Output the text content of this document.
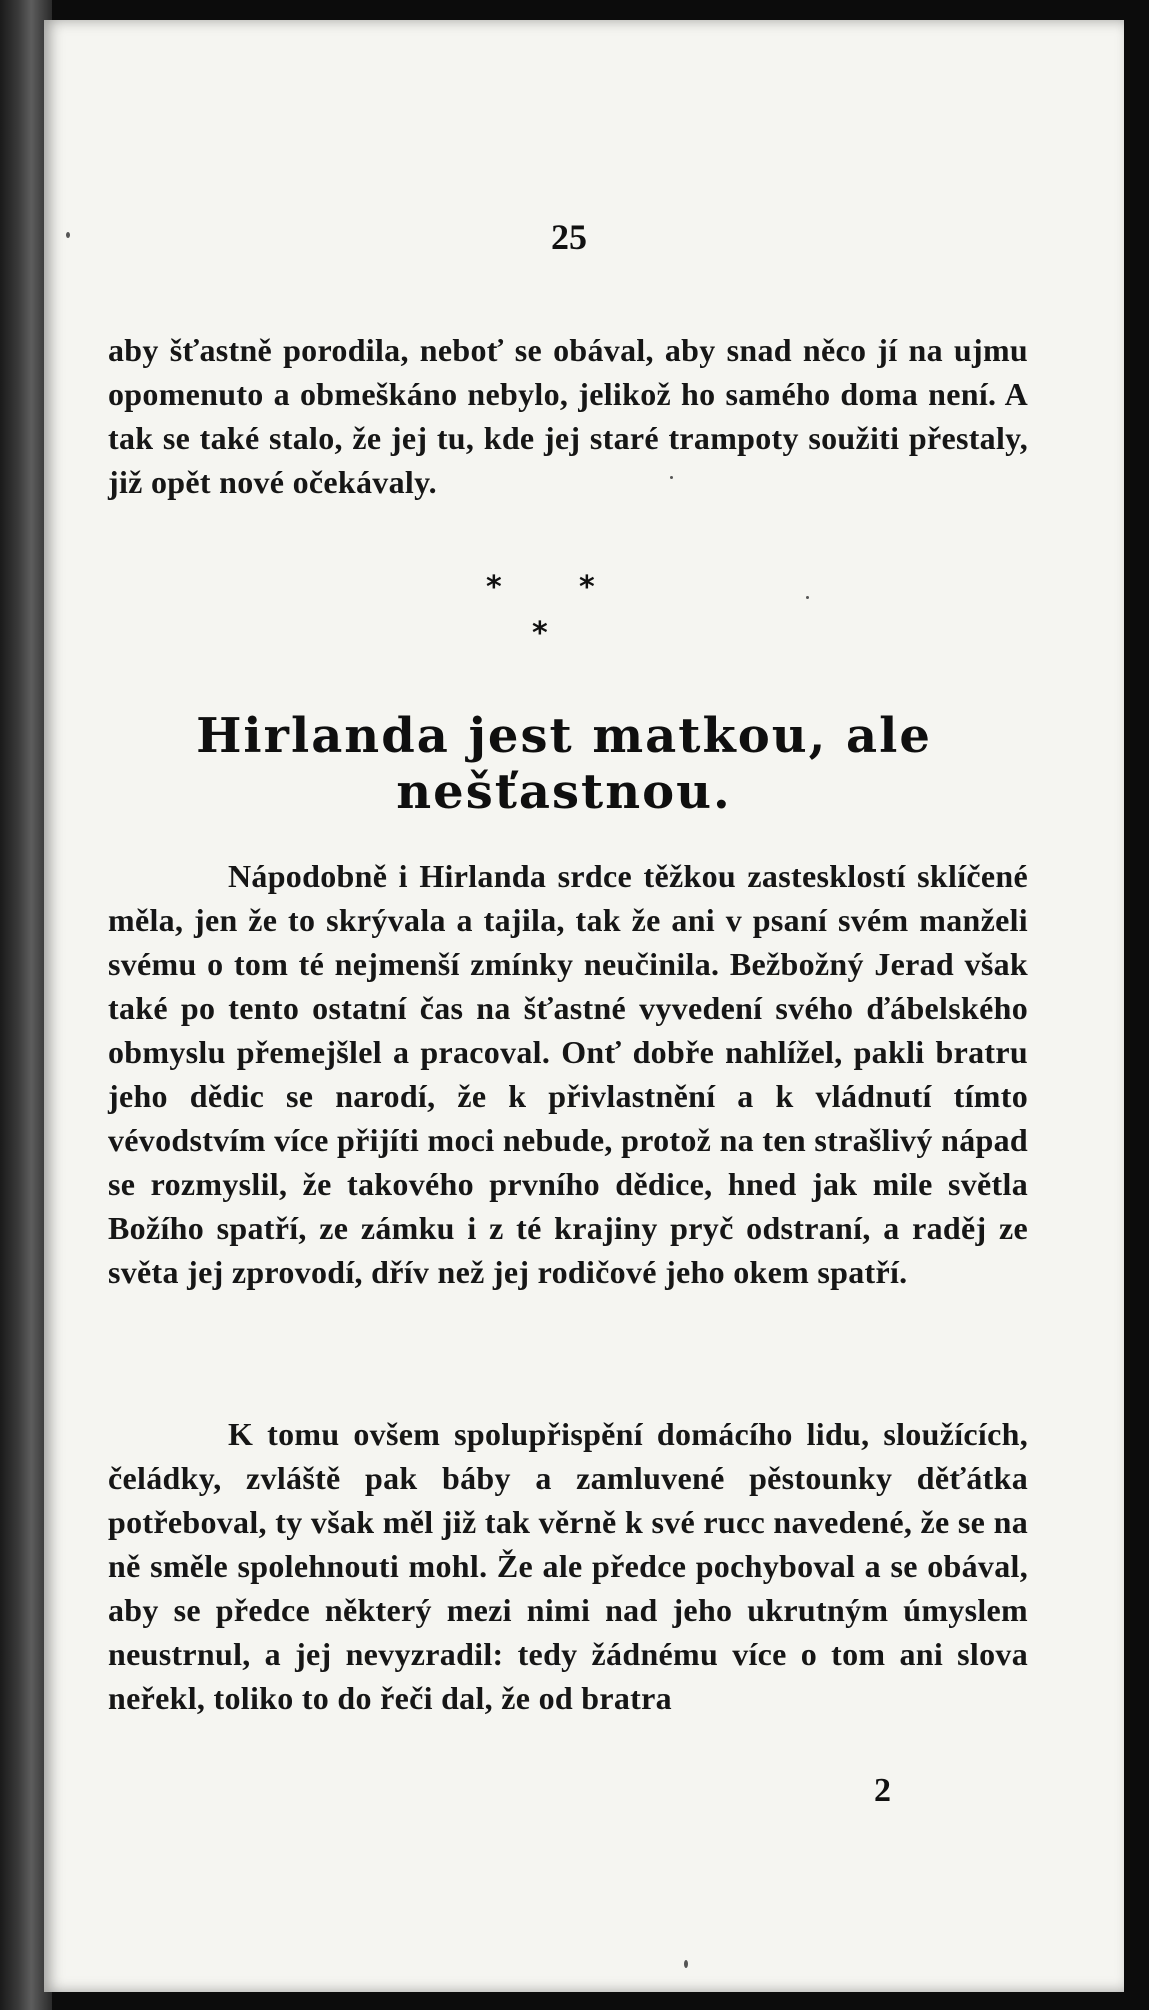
25

aby šťastně porodila, neboť se obával, aby snad něco jí na ujmu opomenuto a obmeškáno nebylo, jelikož ho samého doma není. A tak se také stalo, že jej tu, kde jej staré trampoty soužiti přestaly, již opět nové očekávaly.

*	*
*
Hirlanda jest matkou, ale nešťastnou.

Nápodobně i Hirlanda srdce těžkou zastesklostí sklíčené měla, jen že to skrývala a tajila, tak že ani v psaní svém manželi svému o tom té nejmenší zmínky neučinila. Bežbožný Jerad však také po tento ostatní čas na šťastné vyvedení svého ďábelského obmyslu přemejšlel a pracoval. Onť dobře nahlížel, pakli bratru jeho dědic se narodí, že k přivlastnění a k vládnutí tímto vévodstvím více přijíti moci nebude, protož na ten strašlivý nápad se rozmyslil, že takového prvního dědice, hned jak mile světla Božího spatří, ze zámku i z té krajiny pryč odstraní, a raděj ze světa jej zprovodí, dřív než jej rodičové jeho okem spatří.

K tomu ovšem spolupřispění domácího lidu, sloužících, čeládky, zvláště pak báby a zamluvené pěstounky děťátka potřeboval, ty však měl již tak věrně k své rucc navedené, že se na ně směle spolehnouti mohl. Že ale předce pochyboval a se obával, aby se předce některý mezi nimi nad jeho ukrutným úmyslem neustrnul, a jej nevyzradil: tedy žádnému více o tom ani slova neřekl, toliko to do řeči dal, že od bratra

2
